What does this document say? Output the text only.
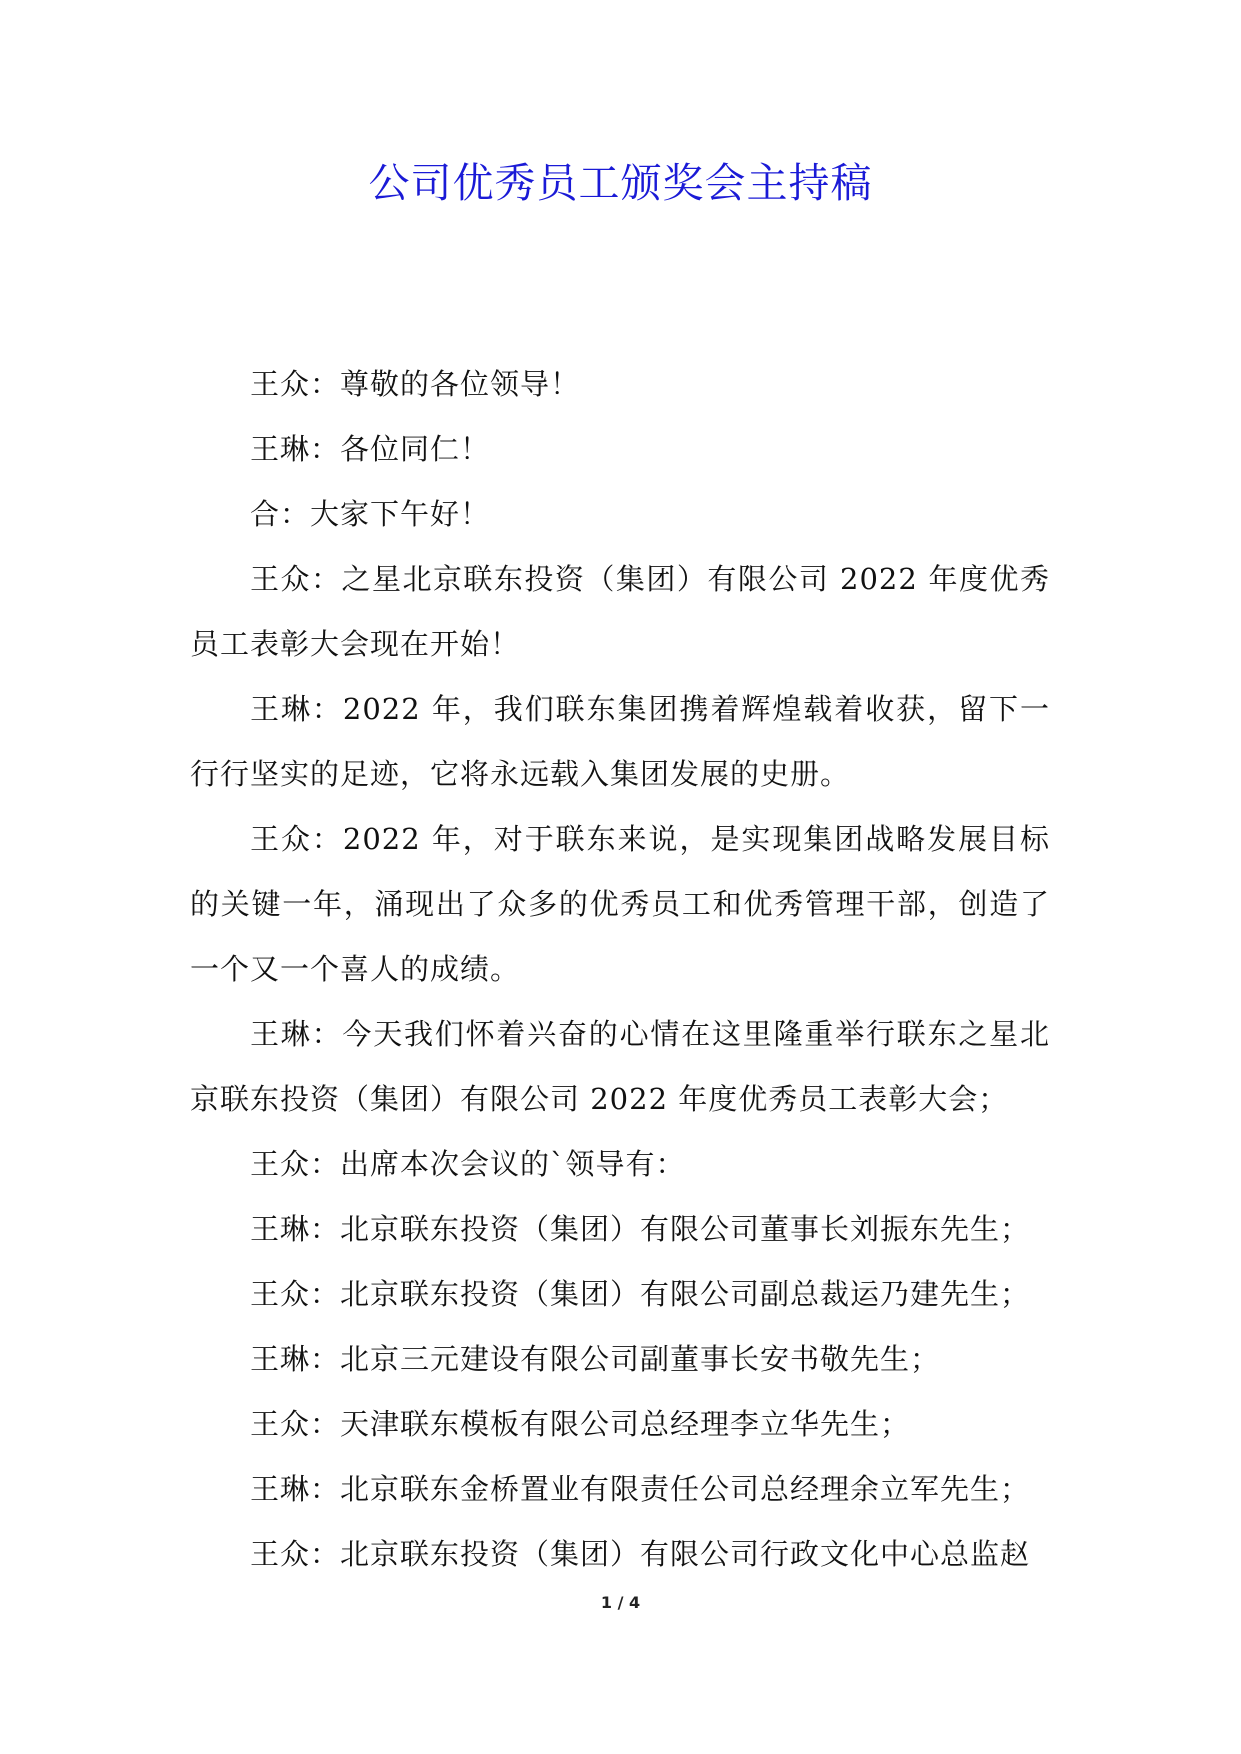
公司优秀员工颁奖会主持稿

王众：尊敬的各位领导！

王琳：各位同仁！

合：大家下午好！

王众：之星北京联东投资（集团）有限公司 2022 年度优秀员工表彰大会现在开始！

王琳：2022 年，我们联东集团携着辉煌载着收获，留下一行行坚实的足迹，它将永远载入集团发展的史册。

王众：2022 年，对于联东来说，是实现集团战略发展目标的关键一年，涌现出了众多的优秀员工和优秀管理干部，创造了一个又一个喜人的成绩。

王琳：今天我们怀着兴奋的心情在这里隆重举行联东之星北京联东投资（集团）有限公司 2022 年度优秀员工表彰大会；

王众：出席本次会议的`领导有：

王琳：北京联东投资（集团）有限公司董事长刘振东先生；

王众：北京联东投资（集团）有限公司副总裁运乃建先生；

王琳：北京三元建设有限公司副董事长安书敬先生；

王众：天津联东模板有限公司总经理李立华先生；

王琳：北京联东金桥置业有限责任公司总经理余立军先生；

王众：北京联东投资（集团）有限公司行政文化中心总监赵

1 / 4
